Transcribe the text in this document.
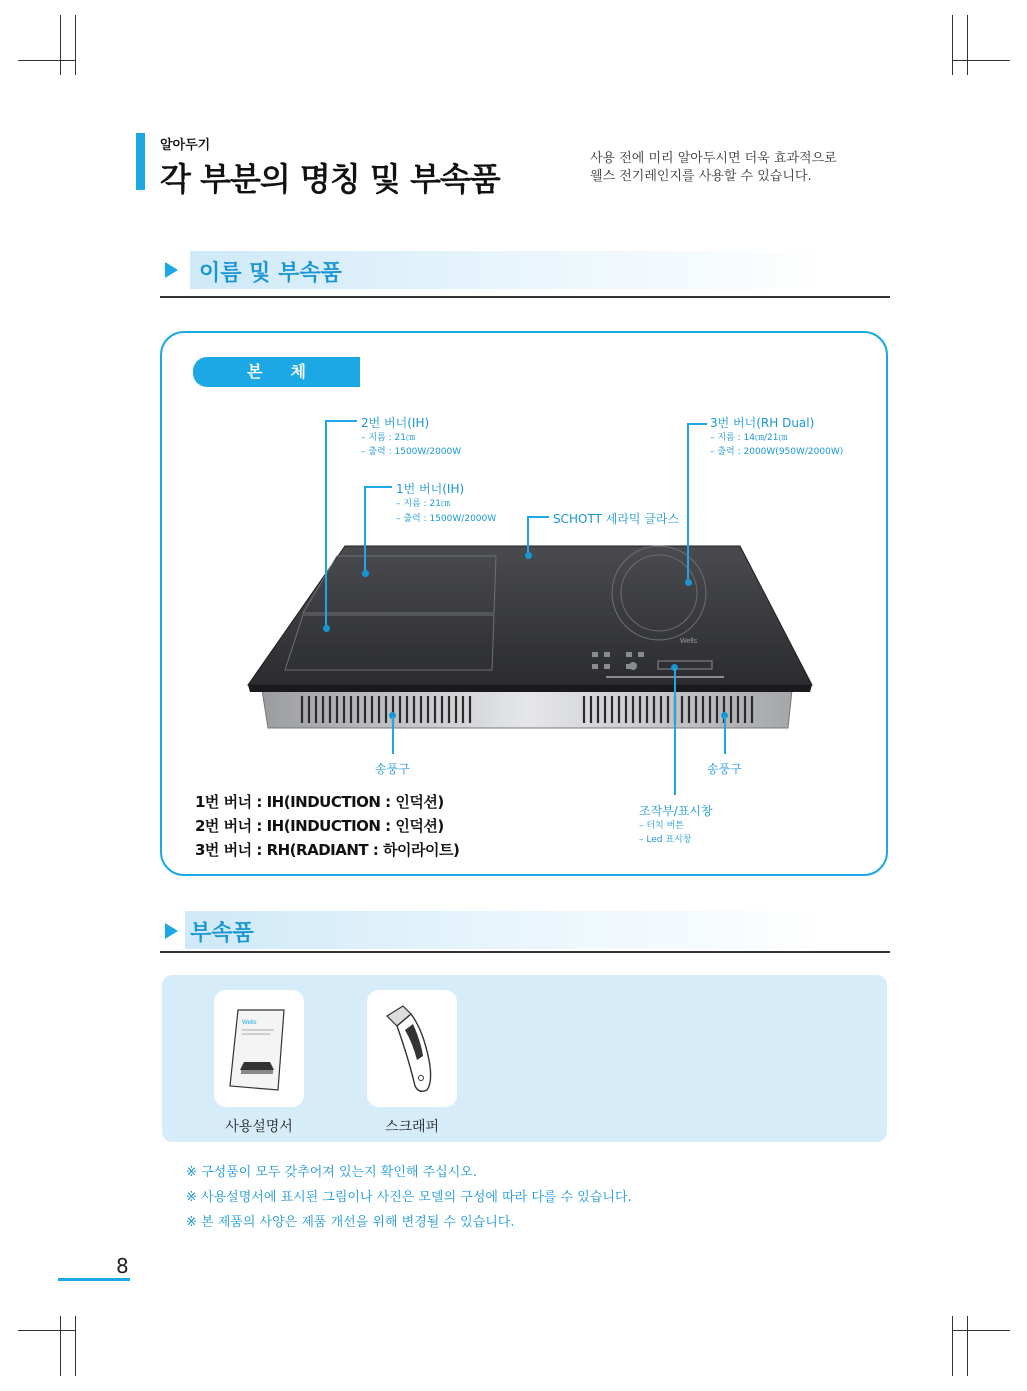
알아두기
각 부분의 명칭 및 부속품
사용 전에 미리 알아두시면 더욱 효과적으로
웰스 전기레인지를 사용할 수 있습니다.
이름 및 부속품
본체
Wells
2번 버너(IH)
– 지름 : 21㎝
– 출력 : 1500W/2000W
1번 버너(IH)
– 지름 : 21㎝
– 출력 : 1500W/2000W	SCHOTT 세라믹 글라스
3번 버너(RH Dual)
– 지름 : 14㎝/21㎝
– 출력 : 2000W(950W/2000W)
송풍구	송풍구
조작부/표시창
– 터치 버튼
– Led 표시창
1번 버너 : IH(INDUCTION : 인덕션)
2번 버너 : IH(INDUCTION : 인덕션)
3번 버너 : RH(RADIANT : 하이라이트)
부속품
Wells
사용설명서	스크래퍼
※ 구성품이 모두 갖추어져 있는지 확인해 주십시오.
※ 사용설명서에 표시된 그림이나 사진은 모델의 구성에 따라 다를 수 있습니다.
※ 본 제품의 사양은 제품 개선을 위해 변경될 수 있습니다.
8
